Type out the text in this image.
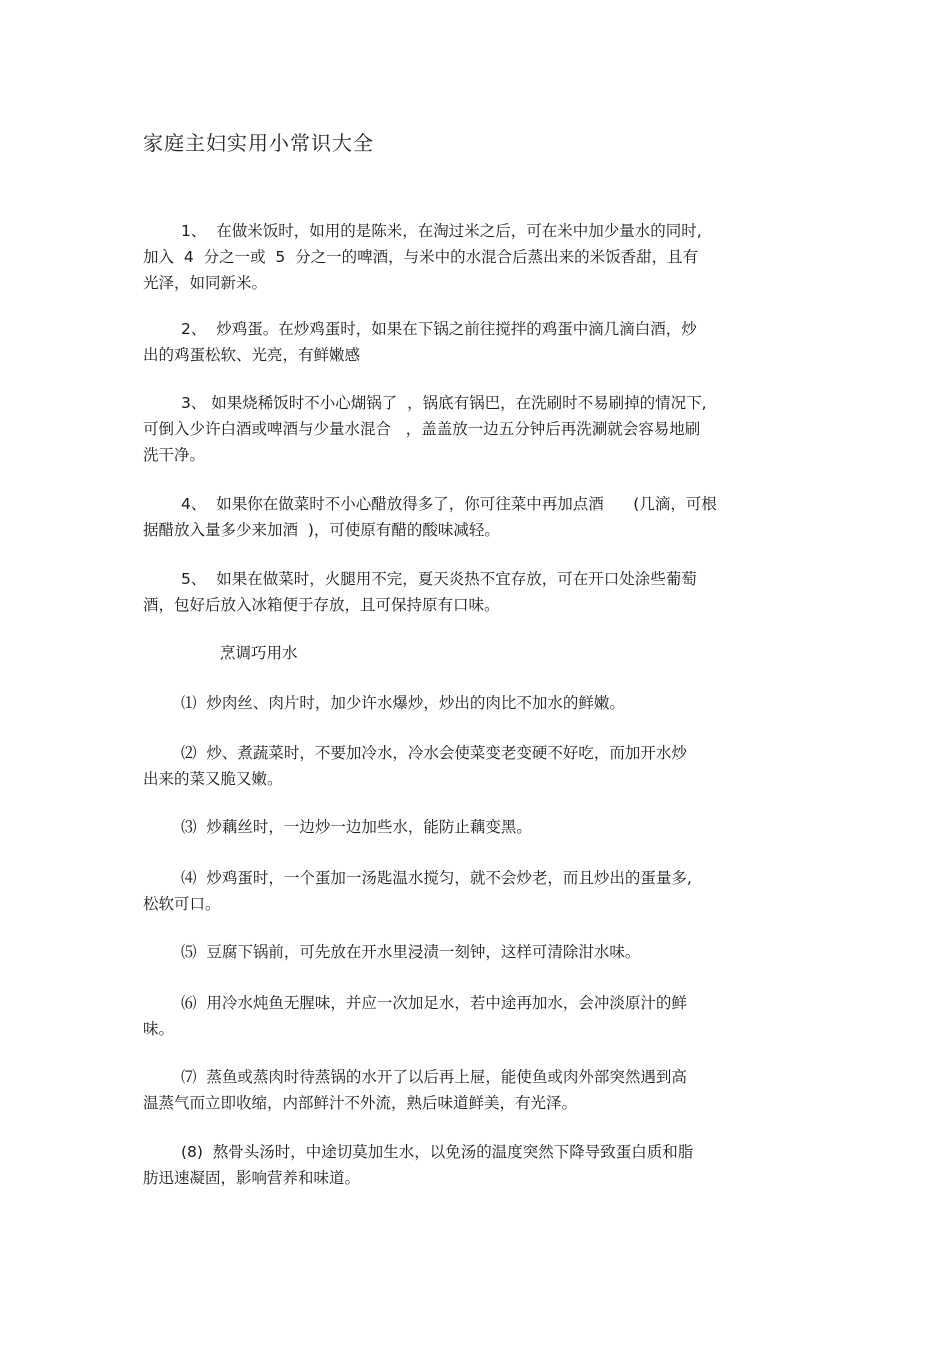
家庭主妇实用小常识大全
1、  在做米饭时，如用的是陈米，在淘过米之后，可在米中加少量水的同时,
加入  4  分之一或  5  分之一的啤酒，与米中的水混合后蒸出来的米饭香甜，且有
光泽，如同新米。
2、  炒鸡蛋。在炒鸡蛋时，如果在下锅之前往搅拌的鸡蛋中滴几滴白酒，炒
出的鸡蛋松软、光亮，有鲜嫩感
3、 如果烧稀饭时不小心煳锅了  ，锅底有锅巴，在洗刷时不易刷掉的情况下,
可倒入少许白酒或啤酒与少量水混合   ，盖盖放一边五分钟后再洗涮就会容易地刷
洗干净。
4、  如果你在做菜时不小心醋放得多了，你可往菜中再加点酒      (几滴，可根
据醋放入量多少来加酒  )，可使原有醋的酸味减轻。
5、  如果在做菜时，火腿用不完，夏天炎热不宜存放，可在开口处涂些葡萄
酒，包好后放入冰箱便于存放，且可保持原有口味。
烹调巧用水
⑴  炒肉丝、肉片时，加少许水爆炒，炒出的肉比不加水的鲜嫩。
⑵  炒、煮蔬菜时，不要加冷水，冷水会使菜变老变硬不好吃，而加开水炒
出来的菜又脆又嫩。
⑶  炒藕丝时，一边炒一边加些水，能防止藕变黑。
⑷  炒鸡蛋时，一个蛋加一汤匙温水搅匀，就不会炒老，而且炒出的蛋量多,
松软可口。
⑸  豆腐下锅前，可先放在开水里浸渍一刻钟，这样可清除泔水味。
⑹  用冷水炖鱼无腥味，并应一次加足水，若中途再加水，会冲淡原汁的鲜
味。
⑺  蒸鱼或蒸肉时待蒸锅的水开了以后再上屉，能使鱼或肉外部突然遇到高
温蒸气而立即收缩，内部鲜汁不外流，熟后味道鲜美，有光泽。
(8)  熬骨头汤时，中途切莫加生水，以免汤的温度突然下降导致蛋白质和脂
肪迅速凝固，影响营养和味道。
